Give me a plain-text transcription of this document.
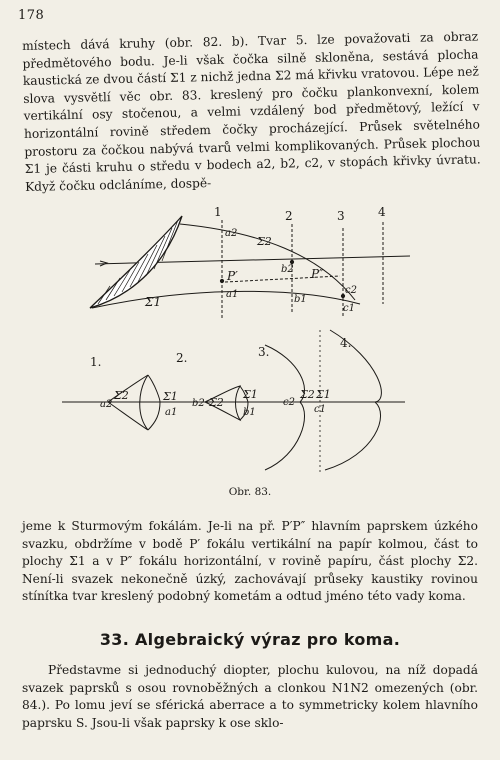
178

místech dává kruhy (obr. 82. b). Tvar 5. lze považovati za obraz předmětového bodu. Je-li však čočka silně skloněna, sestává plocha kaustická ze dvou částí Σ1 z nichž jedna Σ2 má křivku vratovou. Lépe než slova vysvětlí věc obr. 83. kreslený pro čočku plankonvexní, kolem vertikální osy stočenou, a velmi vzdálený bod předmětový, ležící v horizontální rovině středem čočky procházející. Průsek světelného prostoru za čočkou nabývá tvarů velmi komplikovaných. Průsek plochou Σ1 je části kruhu o středu v bodech a2, b2, c2, v stopách křivky úvratu. Když čočku odcláníme, dospě-

1	2	3	4
a2
Σ2
b2
P′	P″
c2
a1	b1
c1
Σ1
1.	2.	3.
4.
a2
Σ2	Σ1
a1
b2 Σ2
Σ1
b1
c2
Σ2 Σ1
c1
Obr. 83.

jeme k Sturmovým fokálám. Je-li na př. P′P″ hlavním paprskem úzkého svazku, obdržíme v bodě P′ fokálu vertikální na papír kolmou, část to plochy Σ1 a v P″ fokálu horizontální, v rovině papíru, část plochy Σ2. Není-li svazek nekonečně úzký, zachovávají průseky kaustiky rovinou stínítka tvar kreslený podobný kometám a odtud jméno této vady koma.

33. Algebraický výraz pro koma.

Představme si jednoduchý diopter, plochu kulovou, na níž dopadá svazek paprsků s osou rovnoběžných a clonkou N1N2 omezených (obr. 84.). Po lomu jeví se sférická aberrace a to symmetricky kolem hlavního paprsku S. Jsou-li však paprsky k ose sklo-
